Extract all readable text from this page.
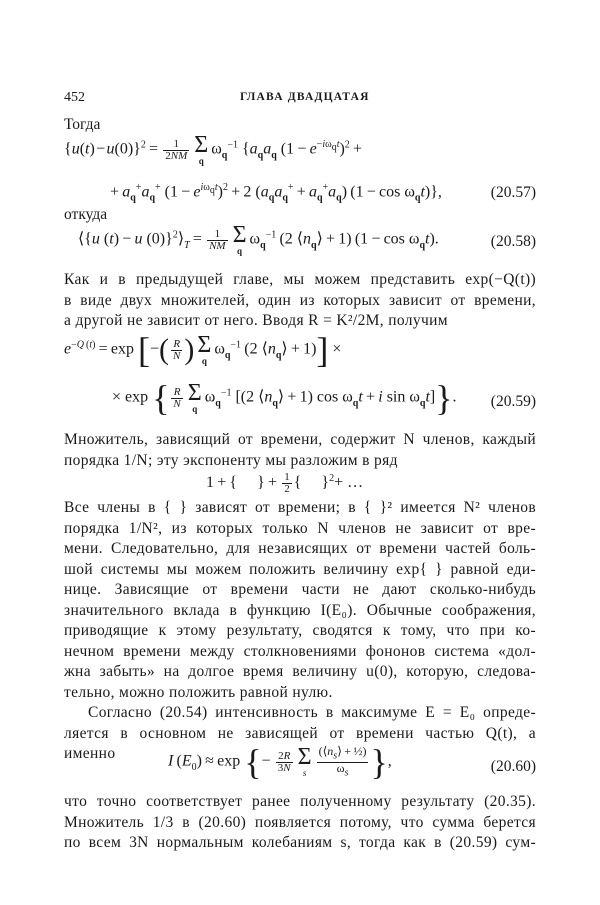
452	ГЛАВА ДВАДЦАТАЯ
Тогда
{u(t) − $u(0)\}^2 = \frac{1}{2NM}$ Σ
q
$\omega_q^{-1}$ {$a_qa_q$ $(1 - e^{-i\omega_qt})^2$ +
+ $a_q^+a_q^+$ $(1 - e^{i\omega_qt})^2 + 2$ $(a_qa_q^+ + a_q^+a_q) (1 - \cos \omega_qt)$},	(20.57)
откуда
⟨{u (t) − u $(0)\}^2⟩_T = \frac{1}{NM}$ Σ
q
$\omega_q^{-1}$ (2 $⟨n_q⟩ + 1$) $(1 - \cos \omega_qt)$.	(20.58)
Как и в предыдущей главе, мы можем представить exp(−Q(t))
в виде двух множителей, один из которых зависит от времени,
а другой не зависит от него. Вводя R = K²/2M, получим
$e^{-Q (t)} = \exp$ [−( $\frac{R}{N}$ ) Σ
q
$\omega_q^{-1}$ (2 $⟨n_q⟩ + 1$)] ×
× exp { $\frac{R}{N}$ Σ
q
$\omega_q^{-1}$ [(2 $⟨n_q⟩ + 1$) $\cos \omega_qt + i$ $\sin \omega_qt$]}. (20.59)
Множитель, зависящий от времени, содержит N членов, каждый
порядка 1/N; эту экспоненту мы разложим в ряд
1 + {  } +  $\frac{1}{2}$ {  }$^2$+ …
Все члены в { } зависят от времени; в { }² имеется N² членов
порядка 1/N², из которых только N членов не зависит от вре-
мени. Следовательно, для независящих от времени частей боль-
шой системы мы можем положить величину exp{ } равной еди-
нице. Зависящие от времени части не дают сколько-нибудь
значительного вклада в функцию I(E₀). Обычные соображения,
приводящие к этому результату, сводятся к тому, что при ко-
нечном времени между столкновениями фононов система «дол-
жна забыть» на долгое время величину u(0), которую, следова-
тельно, можно положить равной нулю.
Согласно (20.54) интенсивность в максимуме E = E₀ опреде-
ляется в основном не зависящей от времени частью Q(t), а
именно	I $(E_0) \approx \exp$ {−  $\frac{2R}{3N}$ Σ
s $\frac{(⟨n_s⟩ + \frac{1}{2})}{\omega_s}$ },	(20.60)
что точно соответствует ранее полученному результату (20.35).
Множитель 1/3 в (20.60) появляется потому, что сумма берется
по всем 3N нормальным колебаниям s, тогда как в (20.59) сум-
